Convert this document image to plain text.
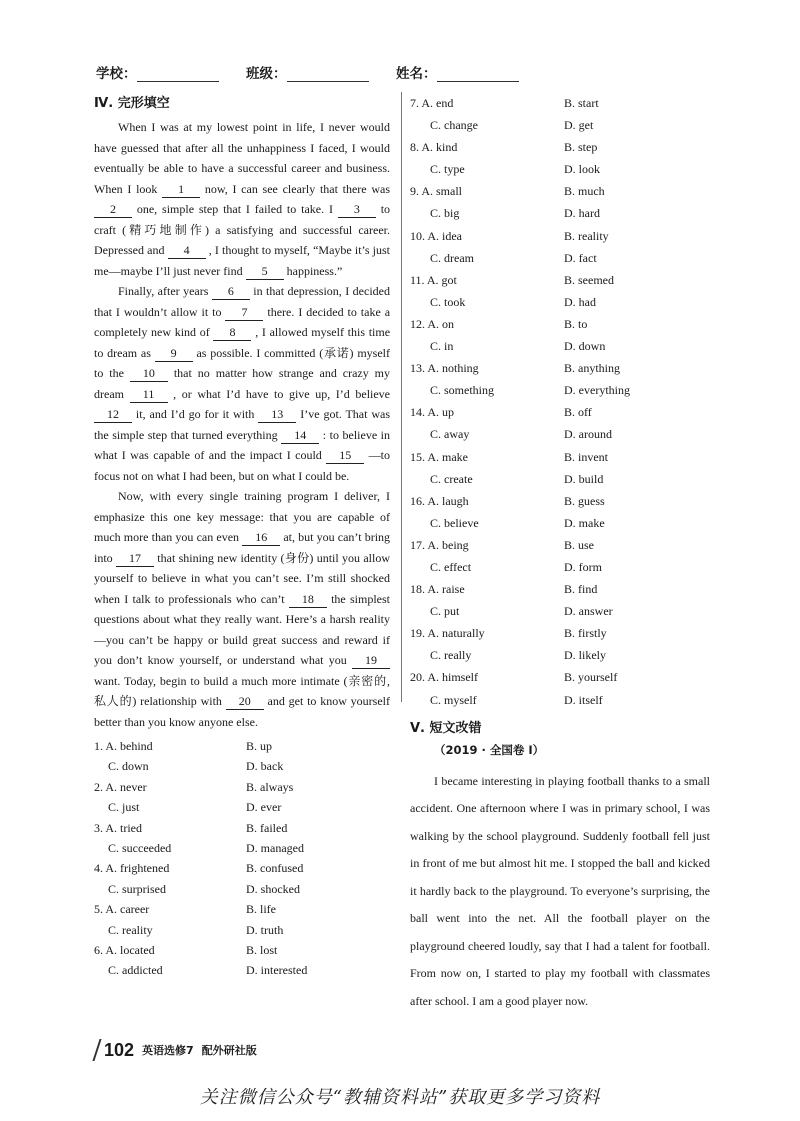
学校：	班级：	姓名：
Ⅳ. 完形填空

When I was at my lowest point in life, I never would have guessed that after all the unhappiness I faced, I would eventually be able to have a successful career and business. When I look 1 now, I can see clearly that there was 2 one, simple step that I failed to take. I 3 to craft (精巧地制作) a satisfying and successful career. Depressed and 4 , I thought to myself, “Maybe it’s just me—maybe I’ll just never find 5 happiness.”

Finally, after years 6 in that depression, I decided that I wouldn’t allow it to 7 there. I decided to take a completely new kind of 8 , I allowed myself this time to dream as 9 as possible. I committed (承诺) myself to the 10 that no matter how strange and crazy my dream 11 , or what I’d have to give up, I’d believe 12 it, and I’d go for it with 13 I’ve got. That was the simple step that turned everything 14 : to believe in what I was capable of and the impact I could 15 —to focus not on what I had been, but on what I could be.

Now, with every single training program I deliver, I emphasize this one key message: that you are capable of much more than you can even 16 at, but you can’t bring into 17 that shining new identity (身份) until you allow yourself to believe in what you can’t see. I’m still shocked when I talk to professionals who can’t 18 the simplest questions about what they really want. Here’s a harsh reality—you can’t be happy or build great success and reward if you don’t know yourself, or understand what you 19 want. Today, begin to build a much more intimate (亲密的, 私人的) relationship with 20 and get to know yourself better than you know anyone else.

1. A. behind	B. up
C. down	D. back
2. A. never	B. always
C. just	D. ever
3. A. tried	B. failed
C. succeeded	D. managed
4. A. frightened	B. confused
C. surprised	D. shocked
5. A. career	B. life
C. reality	D. truth
6. A. located	B. lost
C. addicted	D. interested
7. A. end	B. start
C. change	D. get
8. A. kind	B. step
C. type	D. look
9. A. small	B. much
C. big	D. hard
10. A. idea	B. reality
C. dream	D. fact
11. A. got	B. seemed
C. took	D. had
12. A. on	B. to
C. in	D. down
13. A. nothing	B. anything
C. something	D. everything
14. A. up	B. off
C. away	D. around
15. A. make	B. invent
C. create	D. build
16. A. laugh	B. guess
C. believe	D. make
17. A. being	B. use
C. effect	D. form
18. A. raise	B. find
C. put	D. answer
19. A. naturally	B. firstly
C. really	D. likely
20. A. himself	B. yourself
C. myself	D. itself
Ⅴ. 短文改错
（2019 · 全国卷 Ⅰ）

I became interesting in playing football thanks to a small accident. One afternoon where I was in primary school, I was walking by the school playground. Suddenly football fell just in front of me but almost hit me. I stopped the ball and kicked it hardly back to the playground. To everyone’s surprising, the ball went into the net. All the football player on the playground cheered loudly, say that I had a talent for football. From now on, I started to play my football with classmates after school. I am a good player now.

102 英语选修7 配外研社版
关注微信公众号“教辅资料站”获取更多学习资料
